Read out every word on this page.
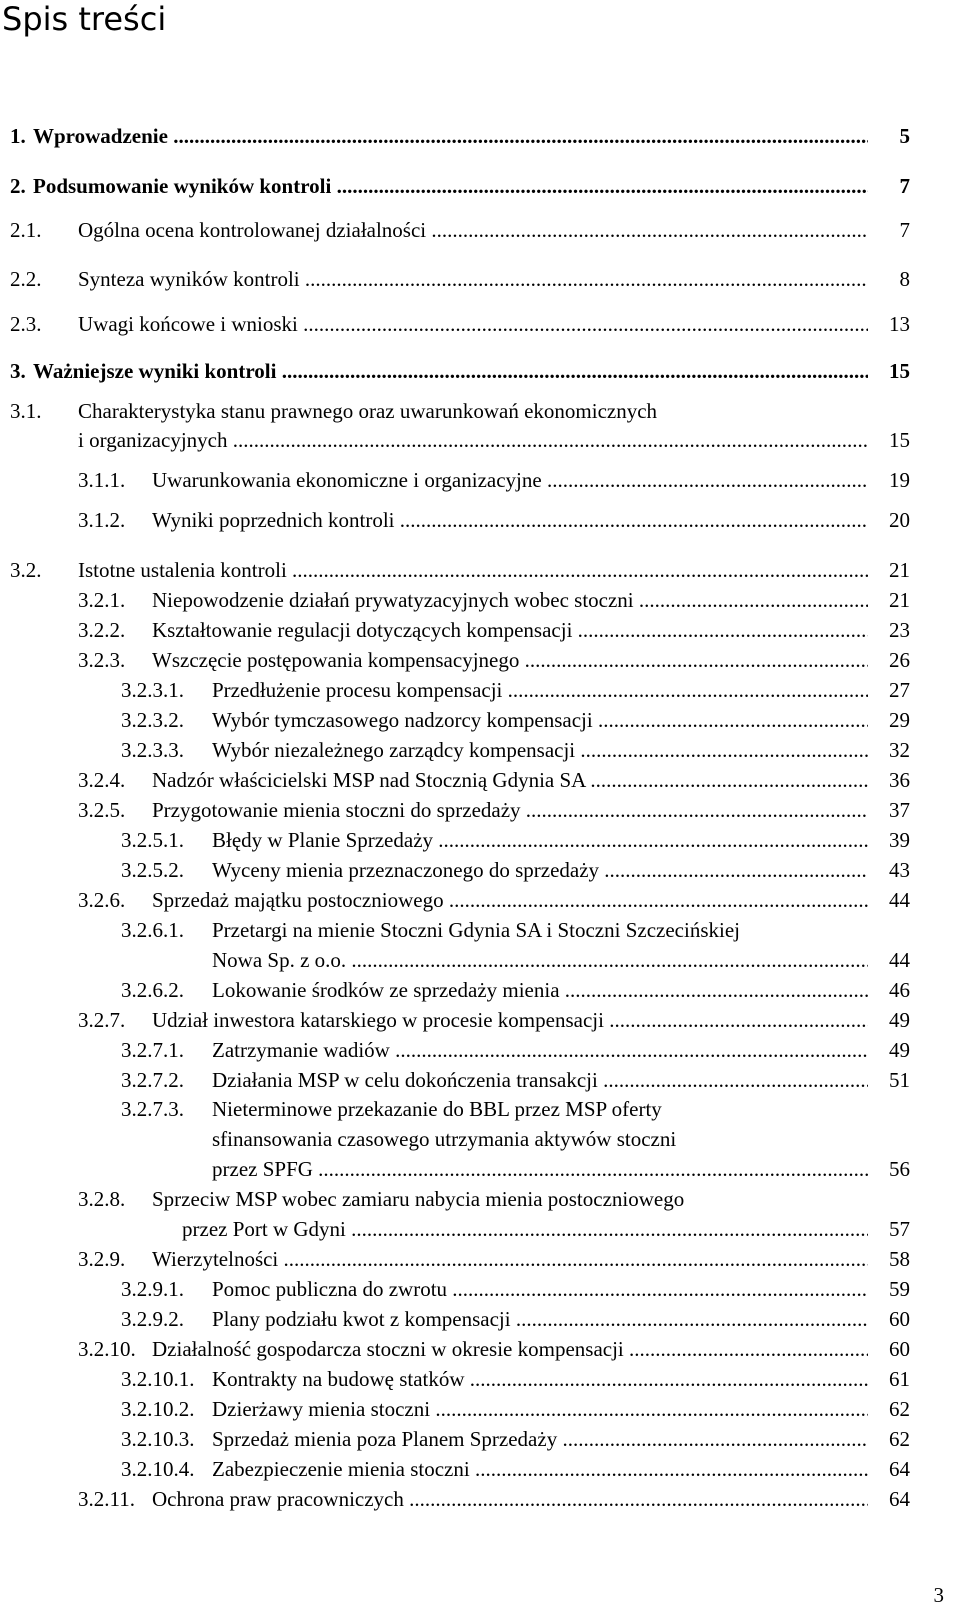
Spis treści
1. Wprowadzenie .....	5
2. Podsumowanie wyników kontroli .....	7
2.1. Ogólna ocena kontrolowanej działalności .....	7
2.2. Synteza wyników kontroli .....	8
2.3. Uwagi końcowe i wnioski .....	13
3. Ważniejsze wyniki kontroli .....	15
3.1. Charakterystyka stanu prawnego oraz uwarunkowań ekonomicznych
i organizacyjnych .....	15
3.1.1. Uwarunkowania ekonomiczne i organizacyjne .....	19
3.1.2. Wyniki poprzednich kontroli .....	20
3.2. Istotne ustalenia kontroli .....	21
3.2.1. Niepowodzenie działań prywatyzacyjnych wobec stoczni .....	21
3.2.2. Kształtowanie regulacji dotyczących kompensacji .....	23
3.2.3. Wszczęcie postępowania kompensacyjnego .....	26
3.2.3.1. Przedłużenie procesu kompensacji .....	27
3.2.3.2. Wybór tymczasowego nadzorcy kompensacji .....	29
3.2.3.3. Wybór niezależnego zarządcy kompensacji .....	32
3.2.4. Nadzór właścicielski MSP nad Stocznią Gdynia SA .....	36
3.2.5. Przygotowanie mienia stoczni do sprzedaży .....	37
3.2.5.1. Błędy w Planie Sprzedaży .....	39
3.2.5.2. Wyceny mienia przeznaczonego do sprzedaży .....	43
3.2.6. Sprzedaż majątku postoczniowego .....	44
3.2.6.1. Przetargi na mienie Stoczni Gdynia SA i Stoczni Szczecińskiej
Nowa Sp. z o.o. .....	44
3.2.6.2. Lokowanie środków ze sprzedaży mienia .....	46
3.2.7. Udział inwestora katarskiego w procesie kompensacji .....	49
3.2.7.1. Zatrzymanie wadiów .....	49
3.2.7.2. Działania MSP w celu dokończenia transakcji .....	51
3.2.7.3. Nieterminowe przekazanie do BBL przez MSP oferty
sfinansowania czasowego utrzymania aktywów stoczni
przez SPFG .....	56
3.2.8. Sprzeciw MSP wobec zamiaru nabycia mienia postoczniowego
przez Port w Gdyni .....	57
3.2.9. Wierzytelności .....	58
3.2.9.1. Pomoc publiczna do zwrotu .....	59
3.2.9.2. Plany podziału kwot z kompensacji .....	60
3.2.10. Działalność gospodarcza stoczni w okresie kompensacji .....	60
3.2.10.1. Kontrakty na budowę statków .....	61
3.2.10.2. Dzierżawy mienia stoczni .....	62
3.2.10.3. Sprzedaż mienia poza Planem Sprzedaży .....	62
3.2.10.4. Zabezpieczenie mienia stoczni .....	64
3.2.11. Ochrona praw pracowniczych .....	64
3
